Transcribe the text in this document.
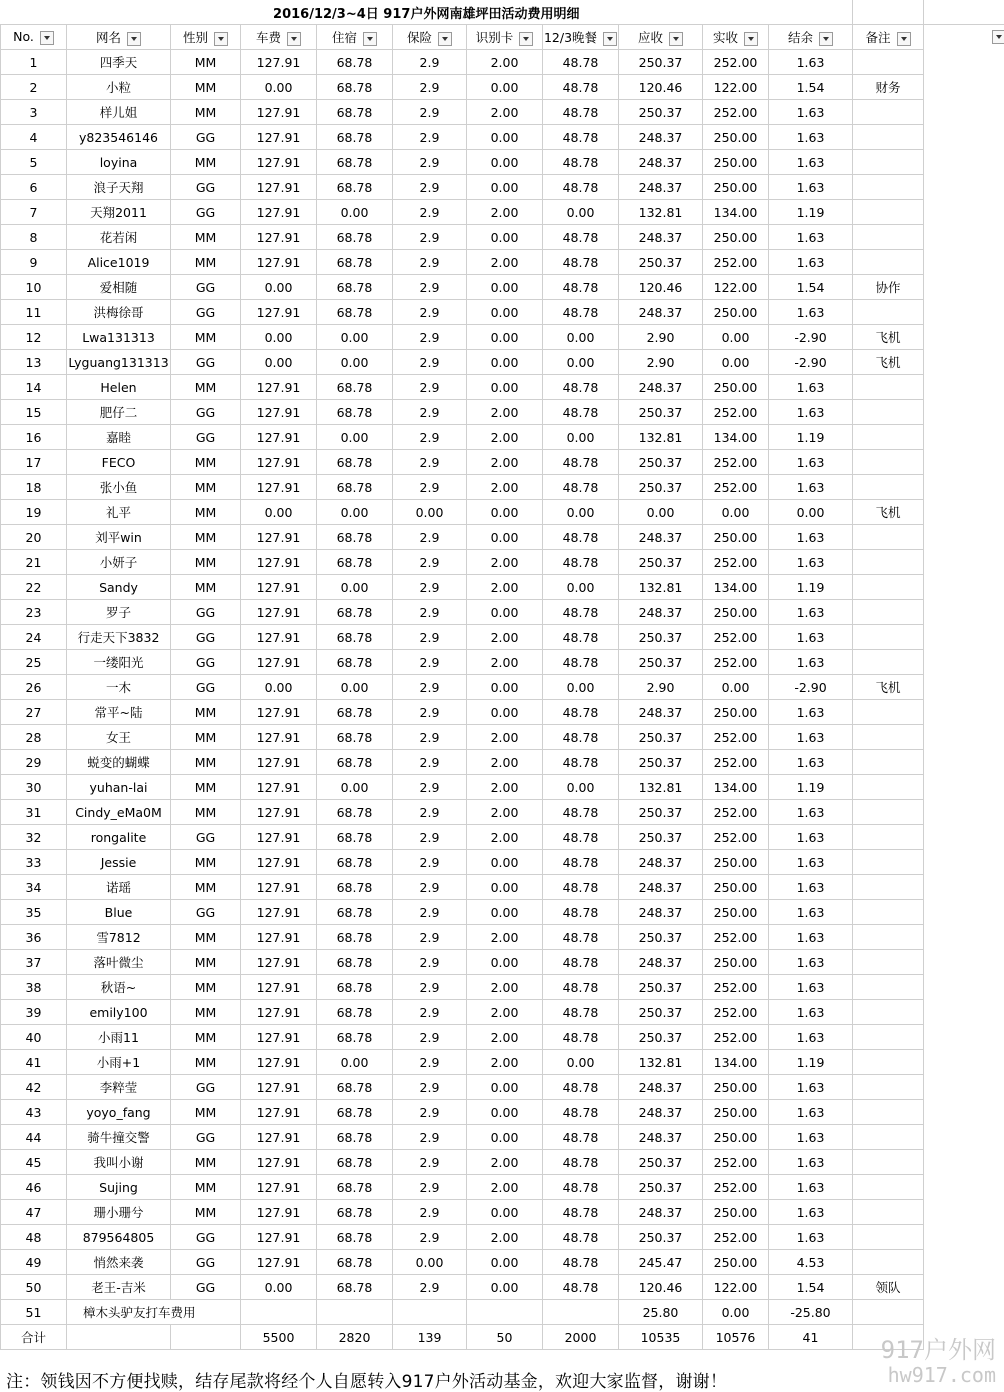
2016/12/3~4日 917户外网南雄坪田活动费用明细											
No.	网名	性别	车费	住宿	保险	识别卡	12/3晚餐	应收	实收	结余	备注
1	四季天	MM	127.91	68.78	2.9	2.00	48.78	250.37	252.00	1.63	
2	小粒	MM	0.00	68.78	2.9	0.00	48.78	120.46	122.00	1.54	财务
3	样儿姐	MM	127.91	68.78	2.9	2.00	48.78	250.37	252.00	1.63	
4	y823546146	GG	127.91	68.78	2.9	0.00	48.78	248.37	250.00	1.63	
5	loyina	MM	127.91	68.78	2.9	0.00	48.78	248.37	250.00	1.63	
6	浪子天翔	GG	127.91	68.78	2.9	0.00	48.78	248.37	250.00	1.63	
7	天翔2011	GG	127.91	0.00	2.9	2.00	0.00	132.81	134.00	1.19	
8	花若闲	MM	127.91	68.78	2.9	0.00	48.78	248.37	250.00	1.63	
9	Alice1019	MM	127.91	68.78	2.9	2.00	48.78	250.37	252.00	1.63	
10	爱相随	GG	0.00	68.78	2.9	0.00	48.78	120.46	122.00	1.54	协作
11	洪梅徐哥	GG	127.91	68.78	2.9	0.00	48.78	248.37	250.00	1.63	
12	Lwa131313	MM	0.00	0.00	2.9	0.00	0.00	2.90	0.00	-2.90	飞机
13	Lyguang131313	GG	0.00	0.00	2.9	0.00	0.00	2.90	0.00	-2.90	飞机
14	Helen	MM	127.91	68.78	2.9	0.00	48.78	248.37	250.00	1.63	
15	肥仔二	GG	127.91	68.78	2.9	2.00	48.78	250.37	252.00	1.63	
16	嘉睦	GG	127.91	0.00	2.9	2.00	0.00	132.81	134.00	1.19	
17	FECO	MM	127.91	68.78	2.9	2.00	48.78	250.37	252.00	1.63	
18	张小鱼	MM	127.91	68.78	2.9	2.00	48.78	250.37	252.00	1.63	
19	礼平	MM	0.00	0.00	0.00	0.00	0.00	0.00	0.00	0.00	飞机
20	刘平win	MM	127.91	68.78	2.9	0.00	48.78	248.37	250.00	1.63	
21	小妍子	MM	127.91	68.78	2.9	2.00	48.78	250.37	252.00	1.63	
22	Sandy	MM	127.91	0.00	2.9	2.00	0.00	132.81	134.00	1.19	
23	罗子	GG	127.91	68.78	2.9	0.00	48.78	248.37	250.00	1.63	
24	行走天下3832	GG	127.91	68.78	2.9	2.00	48.78	250.37	252.00	1.63	
25	一缕阳光	GG	127.91	68.78	2.9	2.00	48.78	250.37	252.00	1.63	
26	一木	GG	0.00	0.00	2.9	0.00	0.00	2.90	0.00	-2.90	飞机
27	常平~陆	MM	127.91	68.78	2.9	0.00	48.78	248.37	250.00	1.63	
28	女王	MM	127.91	68.78	2.9	2.00	48.78	250.37	252.00	1.63	
29	蜕变的蝴蝶	MM	127.91	68.78	2.9	2.00	48.78	250.37	252.00	1.63	
30	yuhan-lai	MM	127.91	0.00	2.9	2.00	0.00	132.81	134.00	1.19	
31	Cindy_eMa0M	MM	127.91	68.78	2.9	2.00	48.78	250.37	252.00	1.63	
32	rongalite	GG	127.91	68.78	2.9	2.00	48.78	250.37	252.00	1.63	
33	Jessie	MM	127.91	68.78	2.9	0.00	48.78	248.37	250.00	1.63	
34	诺瑶	MM	127.91	68.78	2.9	0.00	48.78	248.37	250.00	1.63	
35	Blue	GG	127.91	68.78	2.9	0.00	48.78	248.37	250.00	1.63	
36	雪7812	MM	127.91	68.78	2.9	2.00	48.78	250.37	252.00	1.63	
37	落叶微尘	MM	127.91	68.78	2.9	0.00	48.78	248.37	250.00	1.63	
38	秋语~	MM	127.91	68.78	2.9	2.00	48.78	250.37	252.00	1.63	
39	emily100	MM	127.91	68.78	2.9	2.00	48.78	250.37	252.00	1.63	
40	小雨11	MM	127.91	68.78	2.9	2.00	48.78	250.37	252.00	1.63	
41	小雨+1	MM	127.91	0.00	2.9	2.00	0.00	132.81	134.00	1.19	
42	李粹莹	GG	127.91	68.78	2.9	0.00	48.78	248.37	250.00	1.63	
43	yoyo_fang	MM	127.91	68.78	2.9	0.00	48.78	248.37	250.00	1.63	
44	骑牛撞交警	GG	127.91	68.78	2.9	0.00	48.78	248.37	250.00	1.63	
45	我叫小谢	MM	127.91	68.78	2.9	2.00	48.78	250.37	252.00	1.63	
46	Sujing	MM	127.91	68.78	2.9	2.00	48.78	250.37	252.00	1.63	
47	珊小珊兮	MM	127.91	68.78	2.9	0.00	48.78	248.37	250.00	1.63	
48	879564805	GG	127.91	68.78	2.9	2.00	48.78	250.37	252.00	1.63	
49	悄然来袭	GG	127.91	68.78	0.00	0.00	48.78	245.47	250.00	4.53	
50	老王-吉米	GG	0.00	68.78	2.9	0.00	48.78	120.46	122.00	1.54	领队
51	樟木头驴友打车费用							25.80	0.00	-25.80	
合计			5500	2820	139	50	2000	10535	10576	41	
注：领钱因不方便找赎，结存尾款将经个人自愿转入917户外活动基金，欢迎大家监督，谢谢！
917户外网
hw917.com
